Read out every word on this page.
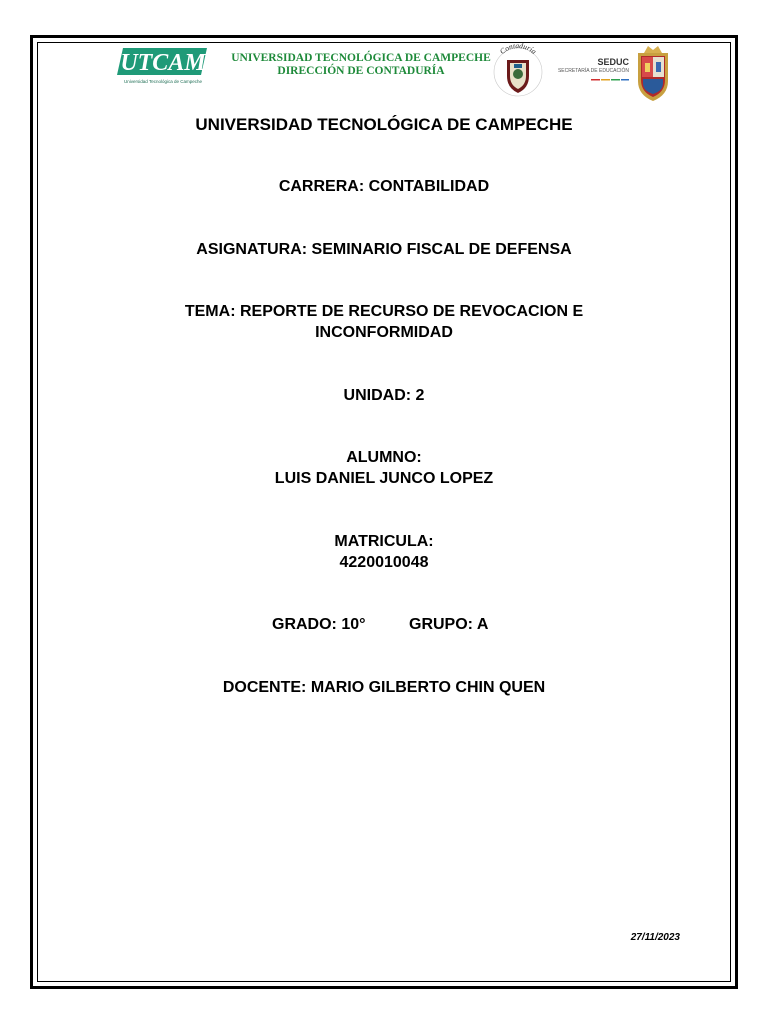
UTCAM
Universidad Tecnológica de Campeche
UNIVERSIDAD TECNOLÓGICA DE CAMPECHE
DIRECCIÓN DE CONTADURÍA
Contaduría
SEDUC
SECRETARÍA DE EDUCACIÓN
UNIVERSIDAD TECNOLÓGICA DE CAMPECHE
CARRERA: CONTABILIDAD
ASIGNATURA: SEMINARIO FISCAL DE DEFENSA
TEMA: REPORTE DE RECURSO DE REVOCACION E
INCONFORMIDAD
UNIDAD: 2
ALUMNO:
LUIS DANIEL JUNCO LOPEZ
MATRICULA:
4220010048
GRADO: 10°	GRUPO: A
DOCENTE: MARIO GILBERTO CHIN QUEN
27/11/2023
